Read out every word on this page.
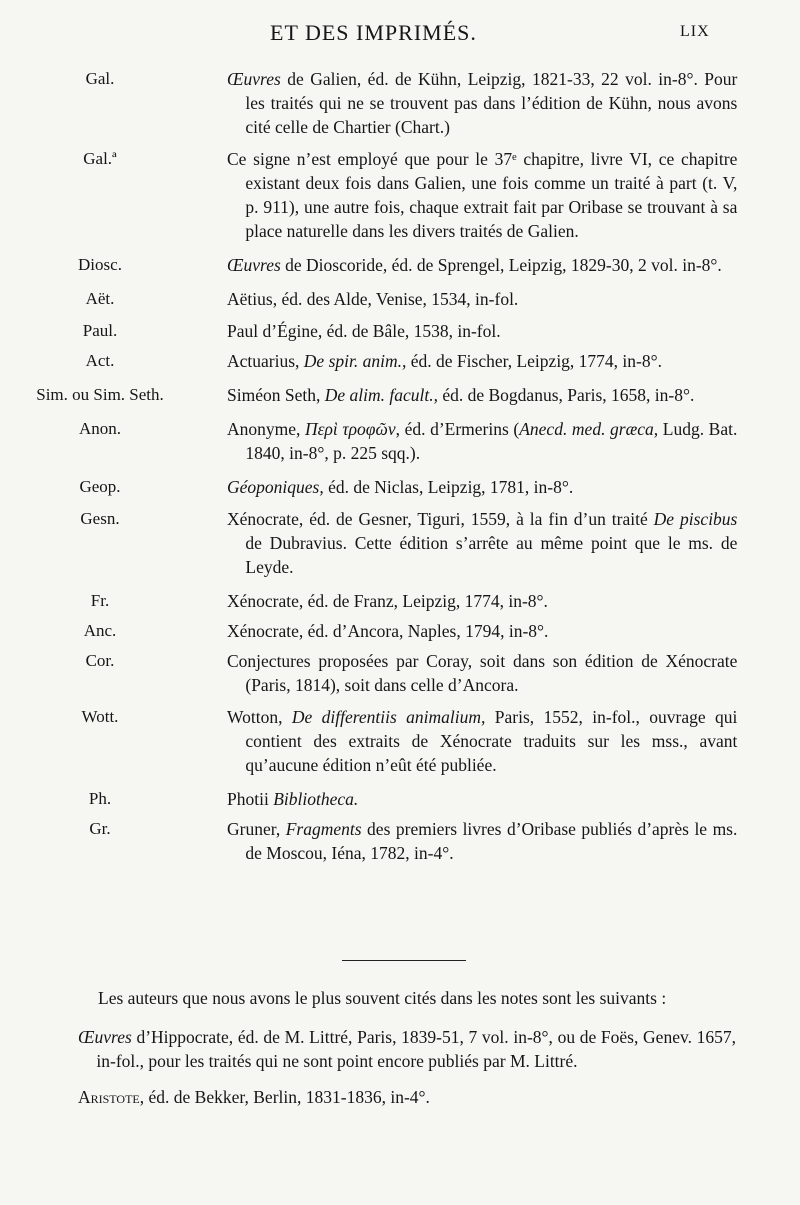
ET DES IMPRIMÉS.	LIX
Gal.	Œuvres de Galien, éd. de Kühn, Leipzig, 1821-33, 22 vol. in-8°. Pour les traités qui ne se trouvent pas dans l’édition de Kühn, nous avons cité celle de Chartier (Chart.)
Gal.ª	Ce signe n’est employé que pour le 37ᵉ chapitre, livre VI, ce chapitre existant deux fois dans Galien, une fois comme un traité à part (t. V, p. 911), une autre fois, chaque extrait fait par Oribase se trouvant à sa place naturelle dans les divers traités de Galien.
Diosc.	Œuvres de Dioscoride, éd. de Sprengel, Leipzig, 1829-30, 2 vol. in-8°.
Aët.	Aëtius, éd. des Alde, Venise, 1534, in-fol.
Paul.	Paul d’Égine, éd. de Bâle, 1538, in-fol.
Act.	Actuarius, De spir. anim., éd. de Fischer, Leipzig, 1774, in-8°.
Sim. ou Sim. Seth.	Siméon Seth, De alim. facult., éd. de Bogdanus, Paris, 1658, in-8°.
Anon.	Anonyme, Περὶ τροφῶν, éd. d’Ermerins (Anecd. med. græca, Ludg. Bat. 1840, in-8°, p. 225 sqq.).
Geop.	Géoponiques, éd. de Niclas, Leipzig, 1781, in-8°.
Gesn.	Xénocrate, éd. de Gesner, Tiguri, 1559, à la fin d’un traité De piscibus de Dubravius. Cette édition s’arrête au même point que le ms. de Leyde.
Fr.	Xénocrate, éd. de Franz, Leipzig, 1774, in-8°.
Anc.	Xénocrate, éd. d’Ancora, Naples, 1794, in-8°.
Cor.	Conjectures proposées par Coray, soit dans son édition de Xénocrate (Paris, 1814), soit dans celle d’Ancora.
Wott.	Wotton, De differentiis animalium, Paris, 1552, in-fol., ouvrage qui contient des extraits de Xénocrate traduits sur les mss., avant qu’aucune édition n’eût été publiée.
Ph.	Photii Bibliotheca.
Gr.	Gruner, Fragments des premiers livres d’Oribase publiés d’après le ms. de Moscou, Iéna, 1782, in-4°.

Les auteurs que nous avons le plus souvent cités dans les notes sont les suivants :

Œuvres d’Hippocrate, éd. de M. Littré, Paris, 1839-51, 7 vol. in-8°, ou de Foës, Genev. 1657, in-fol., pour les traités qui ne sont point encore publiés par M. Littré.

Aristote, éd. de Bekker, Berlin, 1831-1836, in-4°.
